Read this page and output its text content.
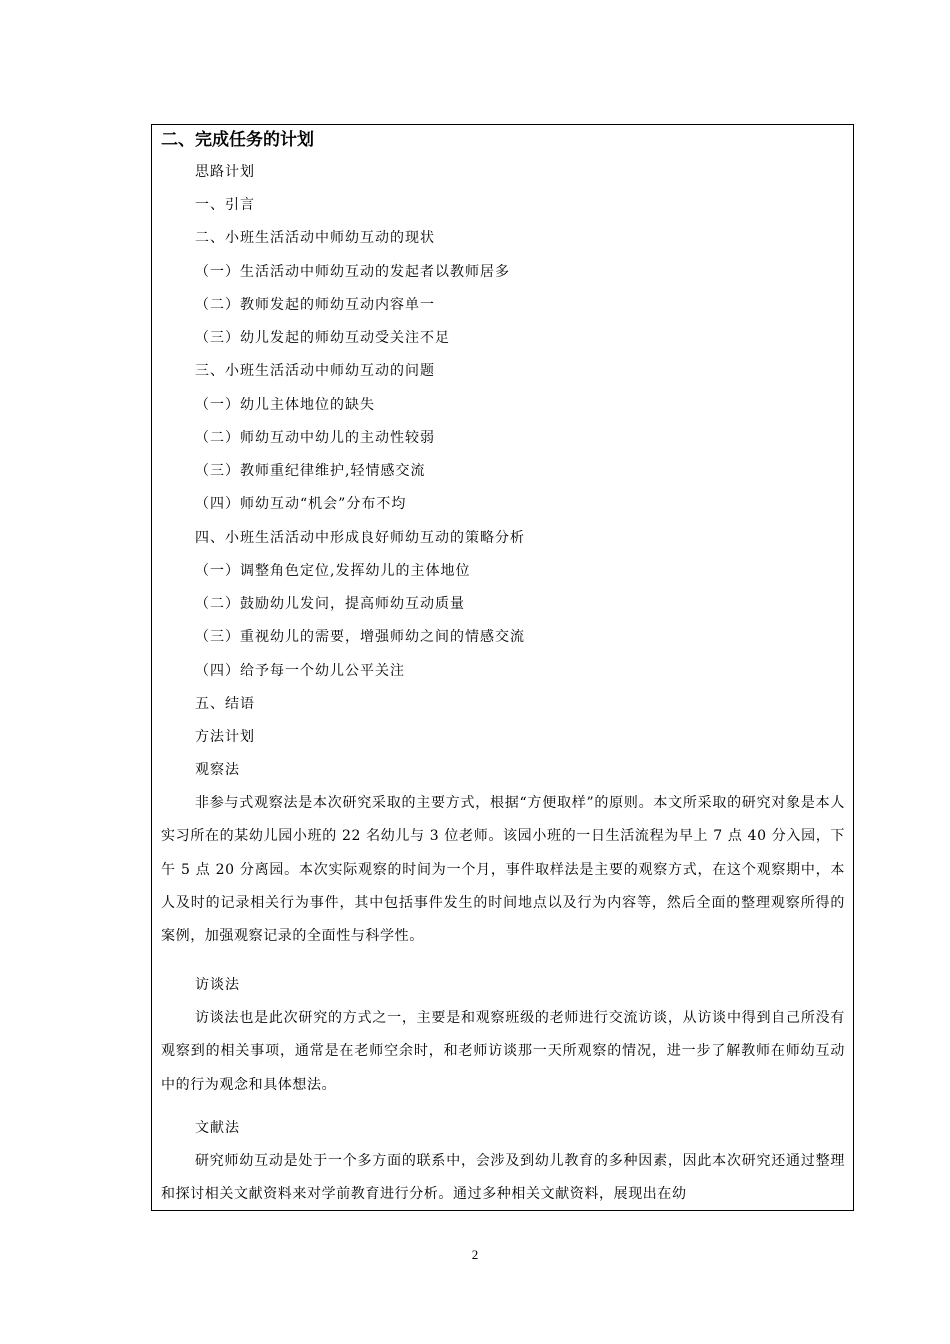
二、完成任务的计划
思路计划
一、引言
二、小班生活活动中师幼互动的现状
（一）生活活动中师幼互动的发起者以教师居多
（二）教师发起的师幼互动内容单一
（三）幼儿发起的师幼互动受关注不足
三、小班生活活动中师幼互动的问题
（一）幼儿主体地位的缺失
（二）师幼互动中幼儿的主动性较弱
（三）教师重纪律维护,轻情感交流
（四）师幼互动“机会”分布不均
四、小班生活活动中形成良好师幼互动的策略分析
（一）调整角色定位,发挥幼儿的主体地位
（二）鼓励幼儿发问，提高师幼互动质量
（三）重视幼儿的需要，增强师幼之间的情感交流
（四）给予每一个幼儿公平关注
五、结语
方法计划
观察法
非参与式观察法是本次研究采取的主要方式，根据“方便取样”的原则。本文所采取的研究对象是本人实习所在的某幼儿园小班的 22 名幼儿与 3 位老师。该园小班的一日生活流程为早上 7 点 40 分入园，下午 5 点 20 分离园。本次实际观察的时间为一个月，事件取样法是主要的观察方式，在这个观察期中，本人及时的记录相关行为事件，其中包括事件发生的时间地点以及行为内容等，然后全面的整理观察所得的案例，加强观察记录的全面性与科学性。
访谈法
访谈法也是此次研究的方式之一，主要是和观察班级的老师进行交流访谈，从访谈中得到自己所没有观察到的相关事项，通常是在老师空余时，和老师访谈那一天所观察的情况，进一步了解教师在师幼互动中的行为观念和具体想法。
文献法
研究师幼互动是处于一个多方面的联系中，会涉及到幼儿教育的多种因素，因此本次研究还通过整理和探讨相关文献资料来对学前教育进行分析。通过多种相关文献资料，展现出在幼
2
